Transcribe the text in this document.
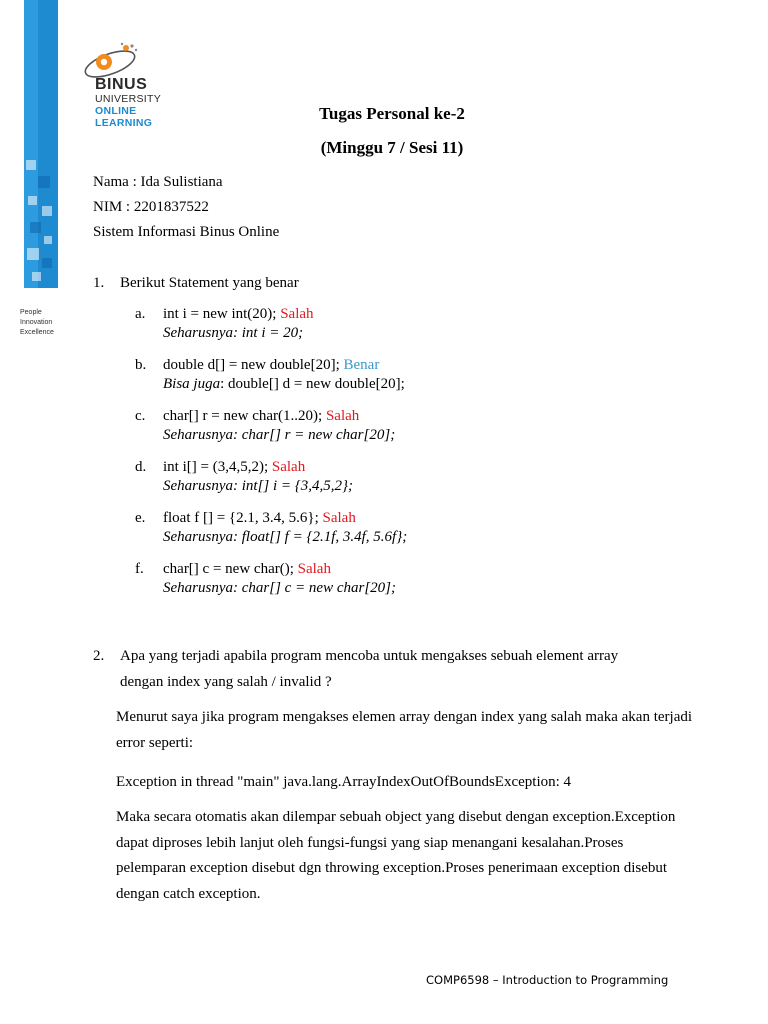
People
Innovation
Excellence
BINUS
UNIVERSITY
ONLINE
LEARNING	Tugas Personal ke-2
(Minggu 7 / Sesi 11)
Nama : Ida Sulistiana
NIM : 2201837522
Sistem Informasi Binus Online
1. Berikut Statement yang benar
a. int i = new int(20); Salah
Seharusnya: int i = 20;
b. double d[] = new double[20]; Benar
Bisa juga: double[] d = new double[20];
c. char[] r = new char(1..20); Salah
Seharusnya: char[] r = new char[20];
d. int i[] = (3,4,5,2); Salah
Seharusnya: int[] i = {3,4,5,2};
e. float f [] = {2.1, 3.4, 5.6}; Salah
Seharusnya: float[] f = {2.1f, 3.4f, 5.6f};
f. char[] c = new char(); Salah
Seharusnya: char[] c = new char[20];
2. Apa yang terjadi apabila program mencoba untuk mengakses sebuah element array
dengan index yang salah / invalid ?
Menurut saya jika program mengakses elemen array dengan index yang salah maka akan terjadi error seperti:
Exception in thread "main" java.lang.ArrayIndexOutOfBoundsException: 4
Maka secara otomatis akan dilempar sebuah object yang disebut dengan exception.Exception dapat diproses lebih lanjut oleh fungsi-fungsi yang siap menangani kesalahan.Proses pelemparan exception disebut dgn throwing exception.Proses penerimaan exception disebut dengan catch exception.
COMP6598 – Introduction to Programming
